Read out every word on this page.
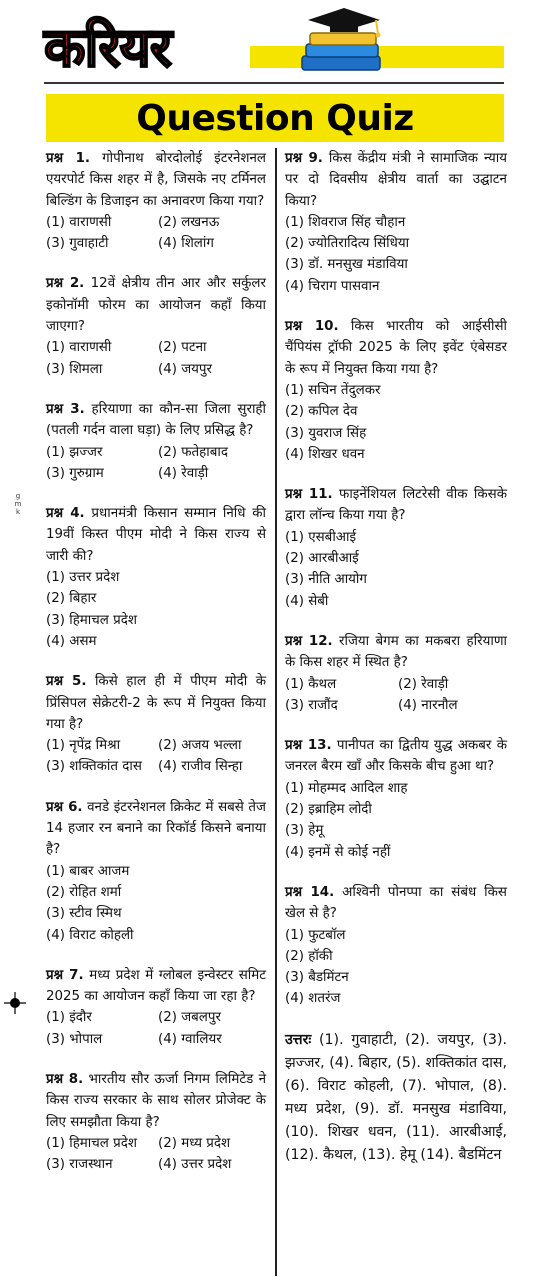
करियर
Question Quiz
g m k
प्रश्न 1. गोपीनाथ बोरदोलोई इंटरनेशनल एयरपोर्ट किस शहर में है, जिसके नए टर्मिनल बिल्डिंग के डिजाइन का अनावरण किया गया?
(1) वाराणसी	(2) लखनऊ
(3) गुवाहाटी	(4) शिलांग
प्रश्न 2. 12वें क्षेत्रीय तीन आर और सर्कुलर इकोनॉमी फोरम का आयोजन कहाँ किया जाएगा?
(1) वाराणसी	(2) पटना
(3) शिमला	(4) जयपुर
प्रश्न 3. हरियाणा का कौन-सा जिला सुराही (पतली गर्दन वाला घड़ा) के लिए प्रसिद्ध है?
(1) झज्जर	(2) फतेहाबाद
(3) गुरुग्राम	(4) रेवाड़ी
प्रश्न 4. प्रधानमंत्री किसान सम्मान निधि की 19वीं किस्त पीएम मोदी ने किस राज्य से जारी की?
(1) उत्तर प्रदेश
(2) बिहार
(3) हिमाचल प्रदेश
(4) असम
प्रश्न 5. किसे हाल ही में पीएम मोदी के प्रिंसिपल सेक्रेटरी-2 के रूप में नियुक्त किया गया है?
(1) नृपेंद्र मिश्रा	(2) अजय भल्ला
(3) शक्तिकांत दास	(4) राजीव सिन्हा
प्रश्न 6. वनडे इंटरनेशनल क्रिकेट में सबसे तेज 14 हजार रन बनाने का रिकॉर्ड किसने बनाया है?
(1) बाबर आजम
(2) रोहित शर्मा
(3) स्टीव स्मिथ
(4) विराट कोहली
प्रश्न 7. मध्य प्रदेश में ग्लोबल इन्वेस्टर समिट 2025 का आयोजन कहाँ किया जा रहा है?
(1) इंदौर	(2) जबलपुर
(3) भोपाल	(4) ग्वालियर
प्रश्न 8. भारतीय सौर ऊर्जा निगम लिमिटेड ने किस राज्य सरकार के साथ सोलर प्रोजेक्ट के लिए समझौता किया है?
(1) हिमाचल प्रदेश	(2) मध्य प्रदेश
(3) राजस्थान	(4) उत्तर प्रदेश
प्रश्न 9. किस केंद्रीय मंत्री ने सामाजिक न्याय पर दो दिवसीय क्षेत्रीय वार्ता का उद्घाटन किया?
(1) शिवराज सिंह चौहान
(2) ज्योतिरादित्य सिंधिया
(3) डॉ. मनसुख मंडाविया
(4) चिराग पासवान
प्रश्न 10. किस भारतीय को आईसीसी चैंपियंस ट्रॉफी 2025 के लिए इवेंट एंबेसडर के रूप में नियुक्त किया गया है?
(1) सचिन तेंदुलकर
(2) कपिल देव
(3) युवराज सिंह
(4) शिखर धवन
प्रश्न 11. फाइनेंशियल लिटरेसी वीक किसके द्वारा लॉन्च किया गया है?
(1) एसबीआई
(2) आरबीआई
(3) नीति आयोग
(4) सेबी
प्रश्न 12. रजिया बेगम का मकबरा हरियाणा के किस शहर में स्थित है?
(1) कैथल	(2) रेवाड़ी
(3) राजौंद	(4) नारनौल
प्रश्न 13. पानीपत का द्वितीय युद्ध अकबर के जनरल बैरम खाँ और किसके बीच हुआ था?
(1) मोहम्मद आदिल शाह
(2) इब्राहिम लोदी
(3) हेमू
(4) इनमें से कोई नहीं
प्रश्न 14. अश्विनी पोनप्पा का संबंध किस खेल से है?
(1) फुटबॉल
(2) हॉकी
(3) बैडमिंटन
(4) शतरंज
उत्तरः (1). गुवाहाटी, (2). जयपुर, (3). झज्जर, (4). बिहार, (5). शक्तिकांत दास, (6). विराट कोहली, (7). भोपाल, (8). मध्य प्रदेश, (9). डॉ. मनसुख मंडाविया, (10). शिखर धवन, (11). आरबीआई, (12). कैथल, (13). हेमू (14). बैडमिंटन
